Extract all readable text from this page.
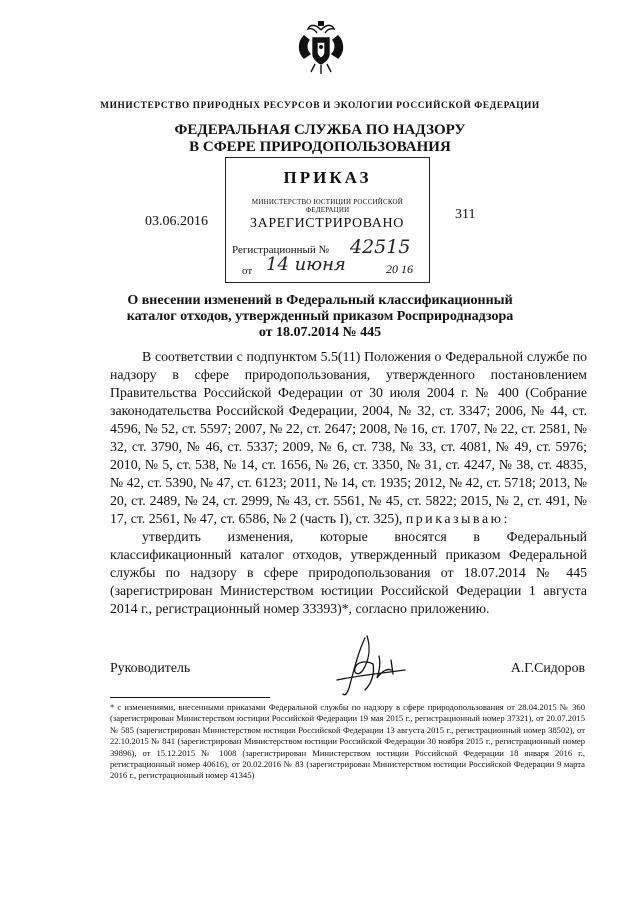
МИНИСТЕРСТВО ПРИРОДНЫХ РЕСУРСОВ И ЭКОЛОГИИ РОССИЙСКОЙ ФЕДЕРАЦИИ
ФЕДЕРАЛЬНАЯ СЛУЖБА ПО НАДЗОРУ
В СФЕРЕ ПРИРОДОПОЛЬЗОВАНИЯ
ПРИКАЗ
МИНИСТЕРСТВО ЮСТИЦИИ РОССИЙСКОЙ ФЕДЕРАЦИИ
ЗАРЕГИСТРИРОВАНО
Регистрационный № 42515
от 14 июня	20 16
03.06.2016	311
О внесении изменений в Федеральный классификационный
каталог отходов, утвержденный приказом Росприроднадзора
от 18.07.2014 № 445

В соответствии с подпунктом 5.5(11) Положения о Федеральной службе по надзору в сфере природопользования, утвержденного постановлением Правительства Российской Федерации от 30 июля 2004 г. № 400 (Собрание законодательства Российской Федерации, 2004, № 32, ст. 3347; 2006, № 44, ст. 4596, № 52, ст. 5597; 2007, № 22, ст. 2647; 2008, № 16, ст. 1707, № 22, ст. 2581, № 32, ст. 3790, № 46, ст. 5337; 2009, № 6, ст. 738, № 33, ст. 4081, № 49, ст. 5976; 2010, № 5, ст. 538, № 14, ст. 1656, № 26, ст. 3350, № 31, ст. 4247, № 38, ст. 4835, № 42, ст. 5390, № 47, ст. 6123; 2011, № 14, ст. 1935; 2012, № 42, ст. 5718; 2013, № 20, ст. 2489, № 24, ст. 2999, № 43, ст. 5561, № 45, ст. 5822; 2015, № 2, ст. 491, № 17, ст. 2561, № 47, ст. 6586, № 2 (часть I), ст. 325), приказываю:

утвердить изменения, которые вносятся в Федеральный классификационный каталог отходов, утвержденный приказом Федеральной службы по надзору в сфере природопользования от 18.07.2014 № 445 (зарегистрирован Министерством юстиции Российской Федерации 1 августа 2014 г., регистрационный номер 33393)*, согласно приложению.

Руководитель	А.Г.Сидоров
* с изменениями, внесенными приказами Федеральной службы по надзору в сфере природопользования от 28.04.2015 № 360 (зарегистрирован Министерством юстиции Российской Федерации 19 мая 2015 г., регистрационный номер 37321), от 20.07.2015 № 585 (зарегистрирован Министерством юстиции Российской Федерации 13 августа 2015 г., регистрационный номер 38502), от 22.10.2015 № 841 (зарегистрирован Министерством юстиции Российской Федерации 30 ноября 2015 г., регистрационный номер 39896), от 15.12.2015 № 1008 (зарегистрирован Министерством юстиции Российской Федерации 18 января 2016 г., регистрационный номер 40616), от 20.02.2016 № 83 (зарегистрирован Министерством юстиции Российской Федерации 9 марта 2016 г., регистрационный номер 41345)
